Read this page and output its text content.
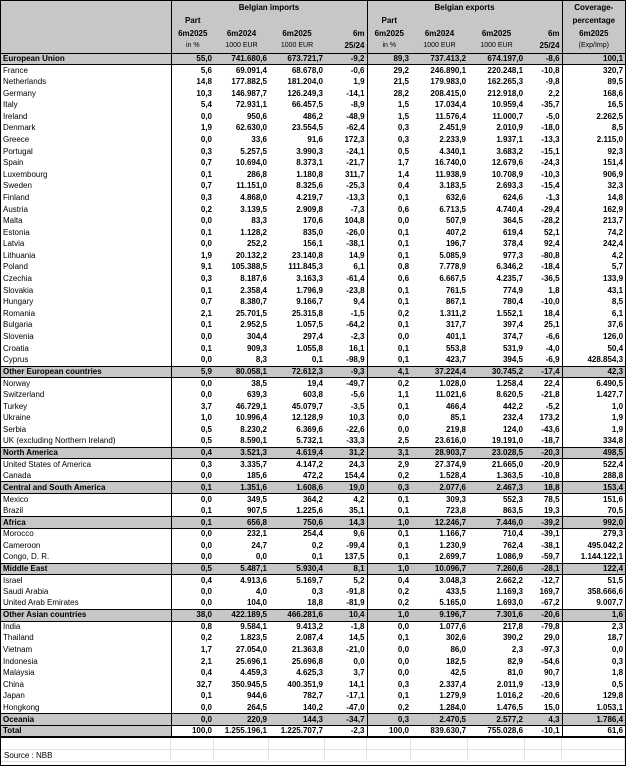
	Belgian imports				Belgian exports				Coverage-
	Part				Part				percentage
	6m2025	6m2024	6m2025	6m	6m2025	6m2024	6m2025	6m	6m2025
	in %	1000 EUR	1000 EUR	25/24	in %	1000 EUR	1000 EUR	25/24	(Exp/Imp)
European Union	55,0	741.680,6	673.721,7	-9,2	89,3	737.413,2	674.197,0	-8,6	100,1
France	5,6	69.091,4	68.678,0	-0,6	29,2	246.890,1	220.248,1	-10,8	320,7
Netherlands	14,8	177.882,5	181.204,0	1,9	21,5	179.983,0	162.265,3	-9,8	89,5
Germany	10,3	146.987,7	126.249,3	-14,1	28,2	208.415,0	212.918,0	2,2	168,6
Italy	5,4	72.931,1	66.457,5	-8,9	1,5	17.034,4	10.959,4	-35,7	16,5
Ireland	0,0	950,6	486,2	-48,9	1,5	11.576,4	11.000,7	-5,0	2.262,5
Denmark	1,9	62.630,0	23.554,5	-62,4	0,3	2.451,9	2.010,9	-18,0	8,5
Greece	0,0	33,6	91,6	172,3	0,3	2.233,9	1.937,1	-13,3	2.115,0
Portugal	0,3	5.257,5	3.990,3	-24,1	0,5	4.340,1	3.683,2	-15,1	92,3
Spain	0,7	10.694,0	8.373,1	-21,7	1,7	16.740,0	12.679,6	-24,3	151,4
Luxembourg	0,1	286,8	1.180,8	311,7	1,4	11.938,9	10.708,9	-10,3	906,9
Sweden	0,7	11.151,0	8.325,6	-25,3	0,4	3.183,5	2.693,3	-15,4	32,3
Finland	0,3	4.868,0	4.219,7	-13,3	0,1	632,6	624,6	-1,3	14,8
Austria	0,2	3.139,5	2.909,8	-7,3	0,6	6.713,5	4.740,4	-29,4	162,9
Malta	0,0	83,3	170,6	104,8	0,0	507,9	364,5	-28,2	213,7
Estonia	0,1	1.128,2	835,0	-26,0	0,1	407,2	619,4	52,1	74,2
Latvia	0,0	252,2	156,1	-38,1	0,1	196,7	378,4	92,4	242,4
Lithuania	1,9	20.132,2	23.140,8	14,9	0,1	5.085,9	977,3	-80,8	4,2
Poland	9,1	105.388,5	111.845,3	6,1	0,8	7.778,9	6.346,2	-18,4	5,7
Czechia	0,3	8.187,6	3.163,3	-61,4	0,6	6.667,5	4.235,7	-36,5	133,9
Slovakia	0,1	2.358,4	1.796,9	-23,8	0,1	761,5	774,9	1,8	43,1
Hungary	0,7	8.380,7	9.166,7	9,4	0,1	867,1	780,4	-10,0	8,5
Romania	2,1	25.701,5	25.315,8	-1,5	0,2	1.311,2	1.552,1	18,4	6,1
Bulgaria	0,1	2.952,5	1.057,5	-64,2	0,1	317,7	397,4	25,1	37,6
Slovenia	0,0	304,4	297,4	-2,3	0,0	401,1	374,7	-6,6	126,0
Croatia	0,1	909,3	1.055,8	16,1	0,1	553,8	531,9	-4,0	50,4
Cyprus	0,0	8,3	0,1	-98,9	0,1	423,7	394,5	-6,9	428.854,3
Other European countries	5,9	80.058,1	72.612,3	-9,3	4,1	37.224,4	30.745,2	-17,4	42,3
Norway	0,0	38,5	19,4	-49,7	0,2	1.028,0	1.258,4	22,4	6.490,5
Switzerland	0,0	639,3	603,8	-5,6	1,1	11.021,6	8.620,5	-21,8	1.427,7
Turkey	3,7	46.729,1	45.079,7	-3,5	0,1	466,4	442,2	-5,2	1,0
Ukraine	1,0	10.996,4	12.128,9	10,3	0,0	85,1	232,4	173,2	1,9
Serbia	0,5	8.230,2	6.369,6	-22,6	0,0	219,8	124,0	-43,6	1,9
UK (excluding Northern Ireland)	0,5	8.590,1	5.732,1	-33,3	2,5	23.616,0	19.191,0	-18,7	334,8
North America	0,4	3.521,3	4.619,4	31,2	3,1	28.903,7	23.028,5	-20,3	498,5
United States of America	0,3	3.335,7	4.147,2	24,3	2,9	27.374,9	21.665,0	-20,9	522,4
Canada	0,0	185,6	472,2	154,4	0,2	1.528,4	1.363,5	-10,8	288,8
Central and South America	0,1	1.351,6	1.608,6	19,0	0,3	2.077,6	2.467,3	18,8	153,4
Mexico	0,0	349,5	364,2	4,2	0,1	309,3	552,3	78,5	151,6
Brazil	0,1	907,5	1.225,6	35,1	0,1	723,8	863,5	19,3	70,5
Africa	0,1	656,8	750,6	14,3	1,0	12.246,7	7.446,0	-39,2	992,0
Morocco	0,0	232,1	254,4	9,6	0,1	1.166,7	710,4	-39,1	279,3
Cameroon	0,0	24,7	0,2	-99,4	0,1	1.230,9	762,4	-38,1	495.042,2
Congo, D. R.	0,0	0,0	0,1	137,5	0,1	2.699,7	1.086,9	-59,7	1.144.122,1
Middle East	0,5	5.487,1	5.930,4	8,1	1,0	10.096,7	7.260,6	-28,1	122,4
Israel	0,4	4.913,6	5.169,7	5,2	0,4	3.048,3	2.662,2	-12,7	51,5
Saudi Arabia	0,0	4,0	0,3	-91,8	0,2	433,5	1.169,3	169,7	358.666,6
United Arab Emirates	0,0	104,0	18,8	-81,9	0,2	5.165,0	1.693,0	-67,2	9.007,7
Other Asian countries	38,0	422.189,5	466.281,6	10,4	1,0	9.196,7	7.301,6	-20,6	1,6
India	0,8	9.584,1	9.413,2	-1,8	0,0	1.077,6	217,8	-79,8	2,3
Thailand	0,2	1.823,5	2.087,4	14,5	0,1	302,6	390,2	29,0	18,7
Vietnam	1,7	27.054,0	21.363,8	-21,0	0,0	86,0	2,3	-97,3	0,0
Indonesia	2,1	25.696,1	25.696,8	0,0	0,0	182,5	82,9	-54,6	0,3
Malaysia	0,4	4.459,3	4.625,3	3,7	0,0	42,5	81,0	90,7	1,8
China	32,7	350.945,5	400.351,9	14,1	0,3	2.337,4	2.011,9	-13,9	0,5
Japan	0,1	944,6	782,7	-17,1	0,1	1.279,9	1.016,2	-20,6	129,8
Hongkong	0,0	264,5	140,2	-47,0	0,2	1.284,0	1.476,5	15,0	1.053,1
Oceania	0,0	220,9	144,3	-34,7	0,3	2.470,5	2.577,2	4,3	1.786,4
Total	100,0	1.255.196,1	1.225.707,7	-2,3	100,0	839.630,7	755.028,6	-10,1	61,6
Source : NBB
